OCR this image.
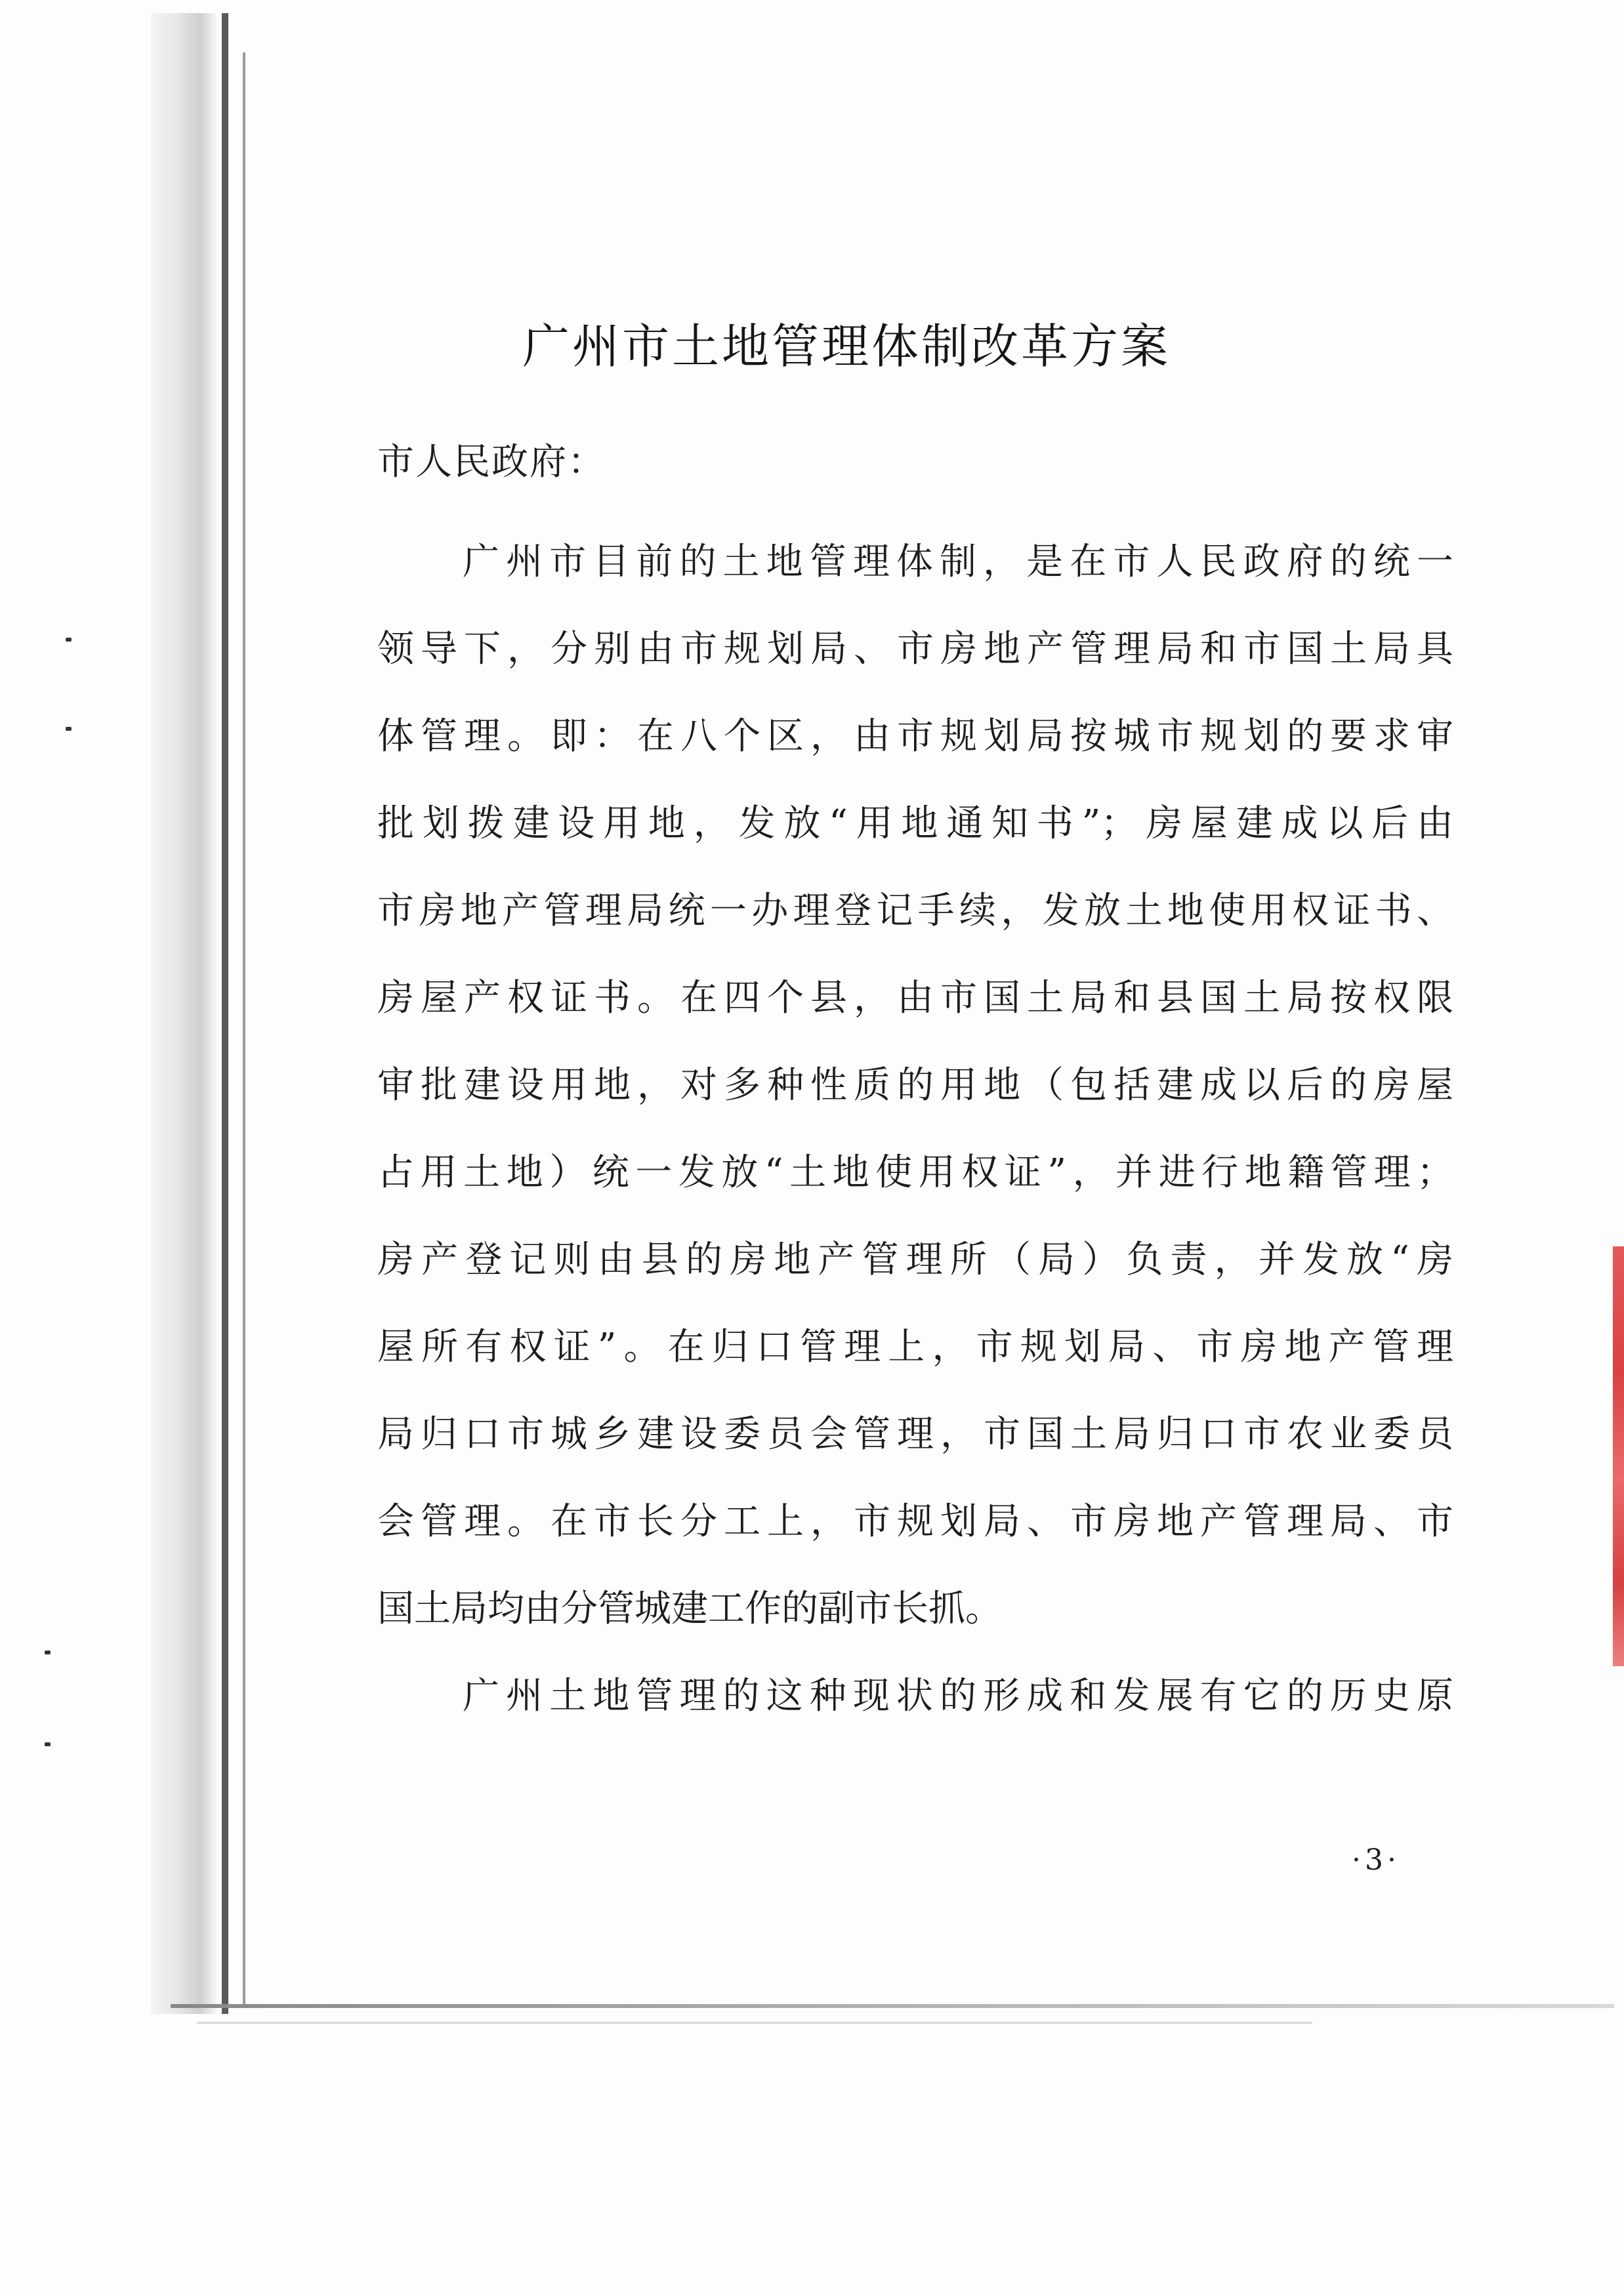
广州市土地管理体制改革方案
市人民政府：
广州市目前的土地管理体制，是在市人民政府的统一
领导下，分别由市规划局、市房地产管理局和市国土局具
体管理。即：在八个区，由市规划局按城市规划的要求审
批划拨建设用地，发放“用地通知书”；房屋建成以后由
市房地产管理局统一办理登记手续，发放土地使用权证书、
房屋产权证书。在四个县，由市国土局和县国土局按权限
审批建设用地，对多种性质的用地（包括建成以后的房屋
占用土地）统一发放“土地使用权证”，并进行地籍管理；
房产登记则由县的房地产管理所（局）负责，并发放“房
屋所有权证”。在归口管理上，市规划局、市房地产管理
局归口市城乡建设委员会管理，市国土局归口市农业委员
会管理。在市长分工上，市规划局、市房地产管理局、市
国土局均由分管城建工作的副市长抓。
广州土地管理的这种现状的形成和发展有它的历史原
·3·
